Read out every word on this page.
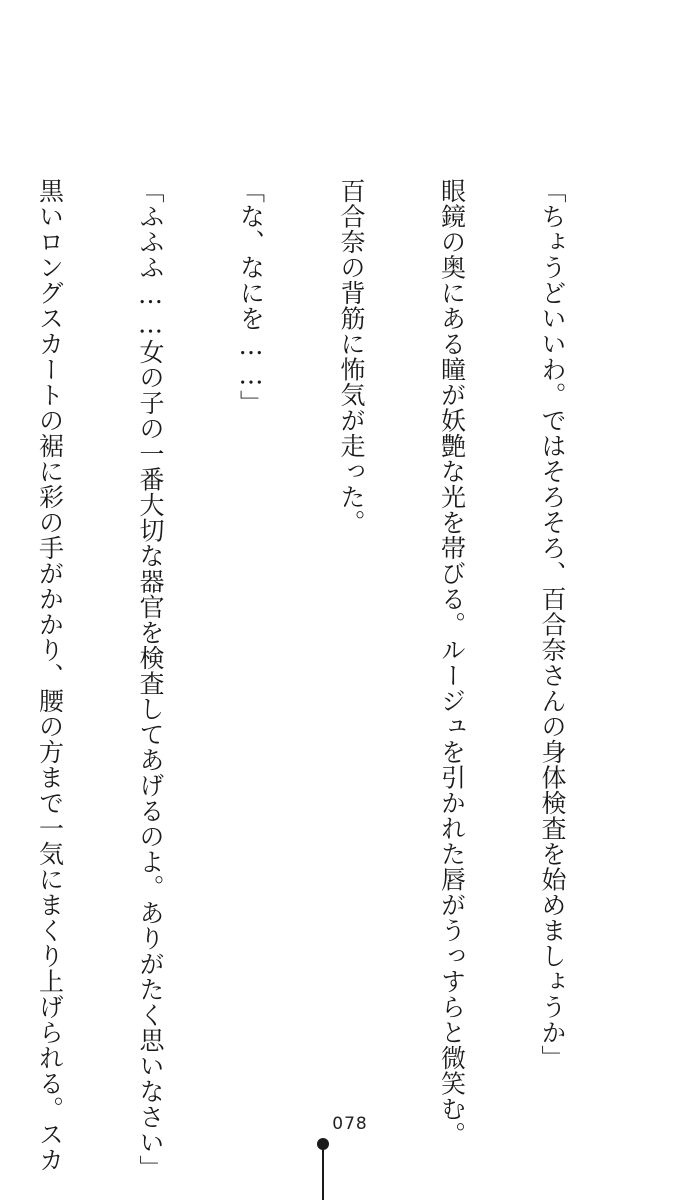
「ちょうどいいわ。ではそろそろ、百合奈さんの身体検査を始めましょうか」

眼鏡の奥にある瞳が妖艶な光を帯びる。ルージュを引かれた唇がうっすらと微笑む。

百合奈の背筋に怖気が走った。

「な、なにを……」

「ふふふ……女の子の一番大切な器官を検査してあげるのよ。ありがたく思いなさい」

黒いロングスカートの裾に彩の手がかかり、腰の方まで一気にまくり上げられる。スカ

	078
